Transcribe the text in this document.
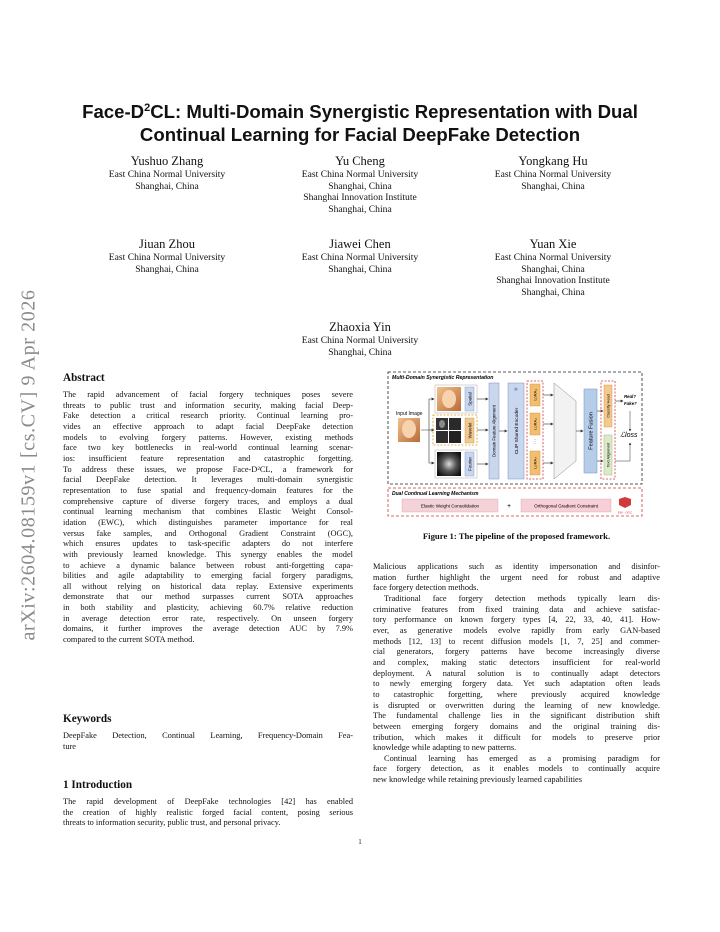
arXiv:2604.08159v1 [cs.CV] 9 Apr 2026
Face-$D^2CL$: Multi-Domain Synergistic Representation with Dual
Continual Learning for Facial DeepFake Detection
Yushuo Zhang
East China Normal University
Shanghai, China
Yu Cheng
East China Normal University
Shanghai, China
Shanghai Innovation Institute
Shanghai, China
Yongkang Hu
East China Normal University
Shanghai, China
Jiuan Zhou
East China Normal University
Shanghai, China
Jiawei Chen
East China Normal University
Shanghai, China
Yuan Xie
East China Normal University
Shanghai, China
Shanghai Innovation Institute
Shanghai, China
Zhaoxia Yin
East China Normal University
Shanghai, China
Abstract
The rapid advancement of facial forgery techniques poses severe
threats to public trust and information security, making facial Deep-
Fake detection a critical research priority. Continual learning pro-
vides an effective approach to adapt facial DeepFake detection
models to evolving forgery patterns. However, existing methods
face two key bottlenecks in real-world continual learning scenar-
ios: insufficient feature representation and catastrophic forgetting.
To address these issues, we propose Face-D²CL, a framework for
facial DeepFake detection. It leverages multi-domain synergistic
representation to fuse spatial and frequency-domain features for the
comprehensive capture of diverse forgery traces, and employs a dual
continual learning mechanism that combines Elastic Weight Consol-
idation (EWC), which distinguishes parameter importance for real
versus fake samples, and Orthogonal Gradient Constraint (OGC),
which ensures updates to task-specific adapters do not interfere
with previously learned knowledge. This synergy enables the model
to achieve a dynamic balance between robust anti-forgetting capa-
bilities and agile adaptability to emerging facial forgery paradigms,
all without relying on historical data replay. Extensive experiments
demonstrate that our method surpasses current SOTA approaches
in both stability and plasticity, achieving 60.7% relative reduction
in average detection error rate, respectively. On unseen forgery
domains, it further improves the average detection AUC by 7.9%
compared to the current SOTA method.
Keywords
DeepFake Detection, Continual Learning, Frequency-Domain Fea-
ture
1 Introduction
The rapid development of DeepFake technologies [42] has enabled
the creation of highly realistic forged facial content, posing serious
threats to information security, public trust, and personal privacy.
Multi-Domain Synergistic Representation
Input Image
Spatial
Wavelet
Fourier
Domain Feature Alignment
❄
CLIP Shared Encoder
LoRA₁
LoRA₂
⋮
LoRAₙ
Feature Fusion
Classify Head
Text Alignment
Real?
Fake?
ℒloss
Dual Continual Learning Mechanism
Elastic Weight Consolidation	+	Orthogonal Gradient Constraint
EW · OGC
Figure 1: The pipeline of the proposed framework.
Malicious applications such as identity impersonation and disinfor-
mation further highlight the urgent need for robust and adaptive
face forgery detection methods.
Traditional face forgery detection methods typically learn dis-
criminative features from fixed training data and achieve satisfac-
tory performance on known forgery types [4, 22, 33, 40, 41]. How-
ever, as generative models evolve rapidly from early GAN-based
methods [12, 13] to recent diffusion models [1, 7, 25] and commer-
cial generators, forgery patterns have become increasingly diverse
and complex, making static detectors insufficient for real-world
deployment. A natural solution is to continually adapt detectors
to newly emerging forgery data. Yet such adaptation often leads
to catastrophic forgetting, where previously acquired knowledge
is disrupted or overwritten during the learning of new knowledge.
The fundamental challenge lies in the significant distribution shift
between emerging forgery domains and the original training dis-
tribution, which makes it difficult for models to preserve prior
knowledge while adapting to new patterns.
Continual learning has emerged as a promising paradigm for
face forgery detection, as it enables models to continually acquire
new knowledge while retaining previously learned capabilities
1
